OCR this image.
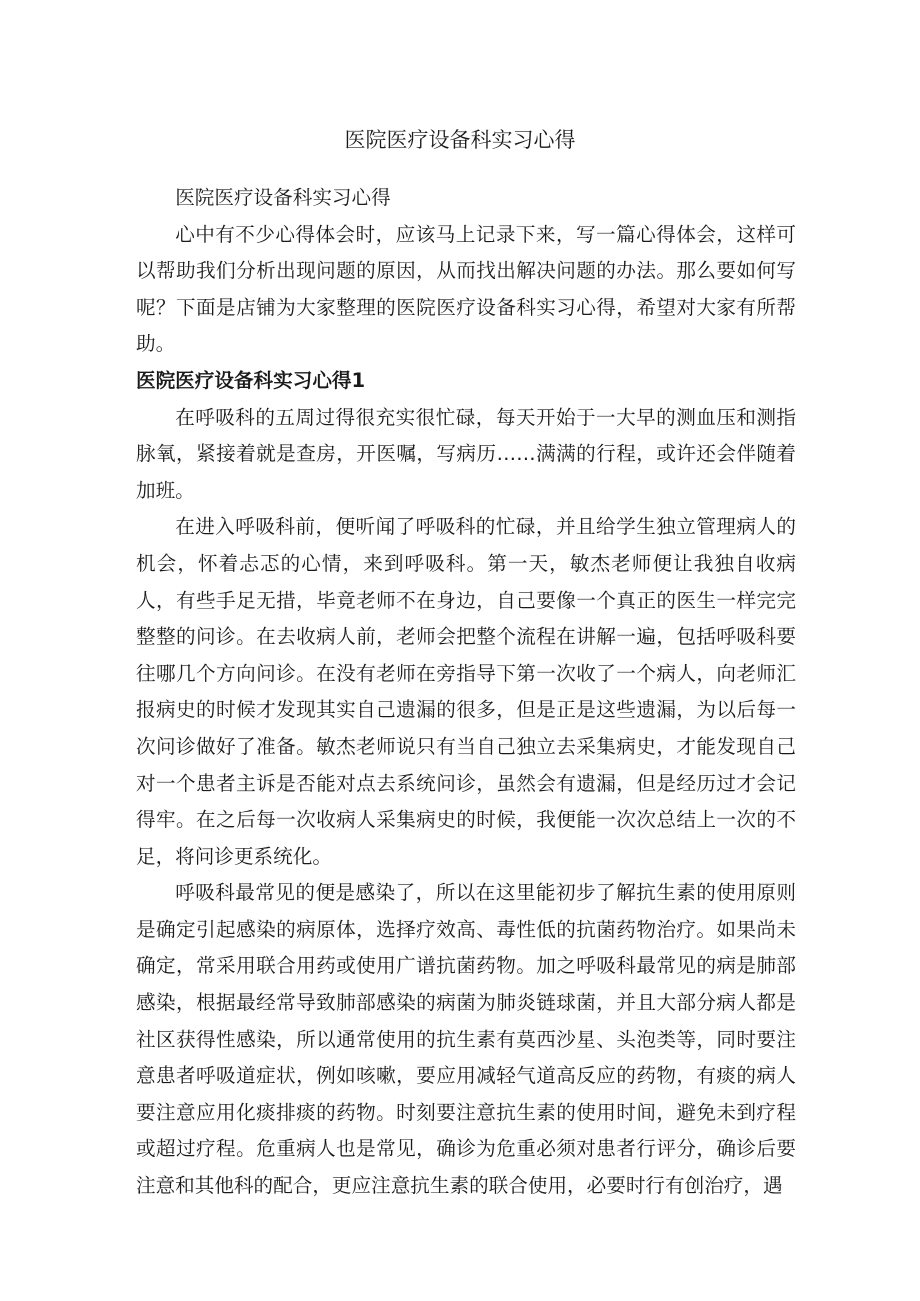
医院医疗设备科实习心得

医院医疗设备科实习心得

心中有不少心得体会时，应该马上记录下来，写一篇心得体会，这样可以帮助我们分析出现问题的原因，从而找出解决问题的办法。那么要如何写呢？下面是店铺为大家整理的医院医疗设备科实习心得，希望对大家有所帮助。

医院医疗设备科实习心得1

在呼吸科的五周过得很充实很忙碌，每天开始于一大早的测血压和测指脉氧，紧接着就是查房，开医嘱，写病历……满满的行程，或许还会伴随着加班。

在进入呼吸科前，便听闻了呼吸科的忙碌，并且给学生独立管理病人的机会，怀着忐忑的心情，来到呼吸科。第一天，敏杰老师便让我独自收病人，有些手足无措，毕竟老师不在身边，自己要像一个真正的医生一样完完整整的问诊。在去收病人前，老师会把整个流程在讲解一遍，包括呼吸科要往哪几个方向问诊。在没有老师在旁指导下第一次收了一个病人，向老师汇报病史的时候才发现其实自己遗漏的很多，但是正是这些遗漏，为以后每一次问诊做好了准备。敏杰老师说只有当自己独立去采集病史，才能发现自己对一个患者主诉是否能对点去系统问诊，虽然会有遗漏，但是经历过才会记得牢。在之后每一次收病人采集病史的时候，我便能一次次总结上一次的不足，将问诊更系统化。

呼吸科最常见的便是感染了，所以在这里能初步了解抗生素的使用原则是确定引起感染的病原体，选择疗效高、毒性低的抗菌药物治疗。如果尚未确定，常采用联合用药或使用广谱抗菌药物。加之呼吸科最常见的病是肺部感染，根据最经常导致肺部感染的病菌为肺炎链球菌，并且大部分病人都是社区获得性感染，所以通常使用的抗生素有莫西沙星、头泡类等，同时要注意患者呼吸道症状，例如咳嗽，要应用减轻气道高反应的药物，有痰的病人要注意应用化痰排痰的药物。时刻要注意抗生素的使用时间，避免未到疗程或超过疗程。危重病人也是常见，确诊为危重必须对患者行评分，确诊后要注意和其他科的配合，更应注意抗生素的联合使用，必要时行有创治疗，遇
